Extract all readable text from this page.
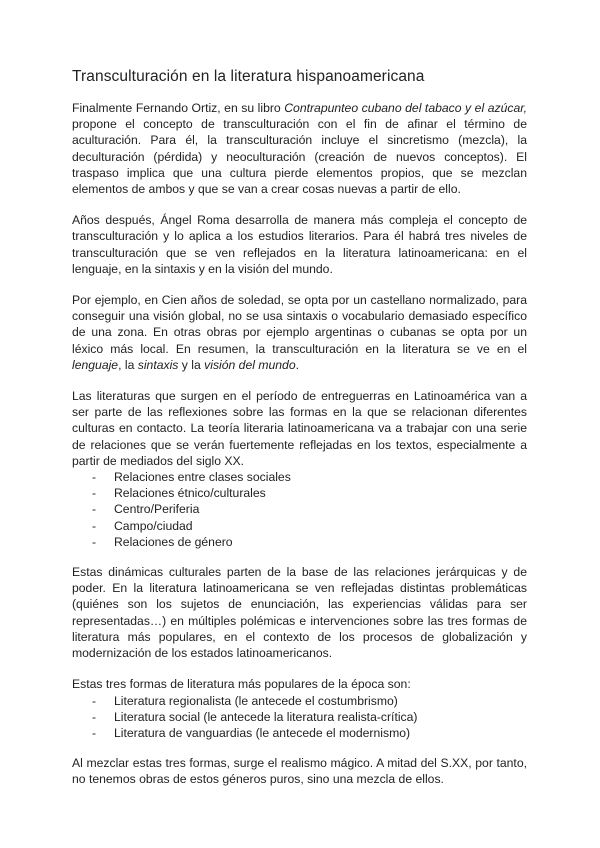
Transculturación en la literatura hispanoamericana

Finalmente Fernando Ortiz, en su libro Contrapunteo cubano del tabaco y el azúcar, propone el concepto de transculturación con el fin de afinar el término de aculturación. Para él, la transculturación incluye el sincretismo (mezcla), la deculturación (pérdida) y neoculturación (creación de nuevos conceptos). El traspaso implica que una cultura pierde elementos propios, que se mezclan elementos de ambos y que se van a crear cosas nuevas a partir de ello.

Años después, Ángel Roma desarrolla de manera más compleja el concepto de transculturación y lo aplica a los estudios literarios. Para él habrá tres niveles de transculturación que se ven reflejados en la literatura latinoamericana: en el lenguaje, en la sintaxis y en la visión del mundo.

Por ejemplo, en Cien años de soledad, se opta por un castellano normalizado, para conseguir una visión global, no se usa sintaxis o vocabulario demasiado específico de una zona. En otras obras por ejemplo argentinas o cubanas se opta por un léxico más local. En resumen, la transculturación en la literatura se ve en el lenguaje, la sintaxis y la visión del mundo.

Las literaturas que surgen en el período de entreguerras en Latinoamérica van a ser parte de las reflexiones sobre las formas en la que se relacionan diferentes culturas en contacto. La teoría literaria latinoamericana va a trabajar con una serie de relaciones que se verán fuertemente reflejadas en los textos, especialmente a partir de mediados del siglo XX.

- Relaciones entre clases sociales
- Relaciones étnico/culturales
- Centro/Periferia
- Campo/ciudad
- Relaciones de género

Estas dinámicas culturales parten de la base de las relaciones jerárquicas y de poder. En la literatura latinoamericana se ven reflejadas distintas problemáticas (quiénes son los sujetos de enunciación, las experiencias válidas para ser representadas…) en múltiples polémicas e intervenciones sobre las tres formas de literatura más populares, en el contexto de los procesos de globalización y modernización de los estados latinoamericanos.

Estas tres formas de literatura más populares de la época son:

- Literatura regionalista (le antecede el costumbrismo)
- Literatura social (le antecede la literatura realista-crítica)
- Literatura de vanguardias (le antecede el modernismo)

Al mezclar estas tres formas, surge el realismo mágico. A mitad del S.XX, por tanto, no tenemos obras de estos géneros puros, sino una mezcla de ellos.
